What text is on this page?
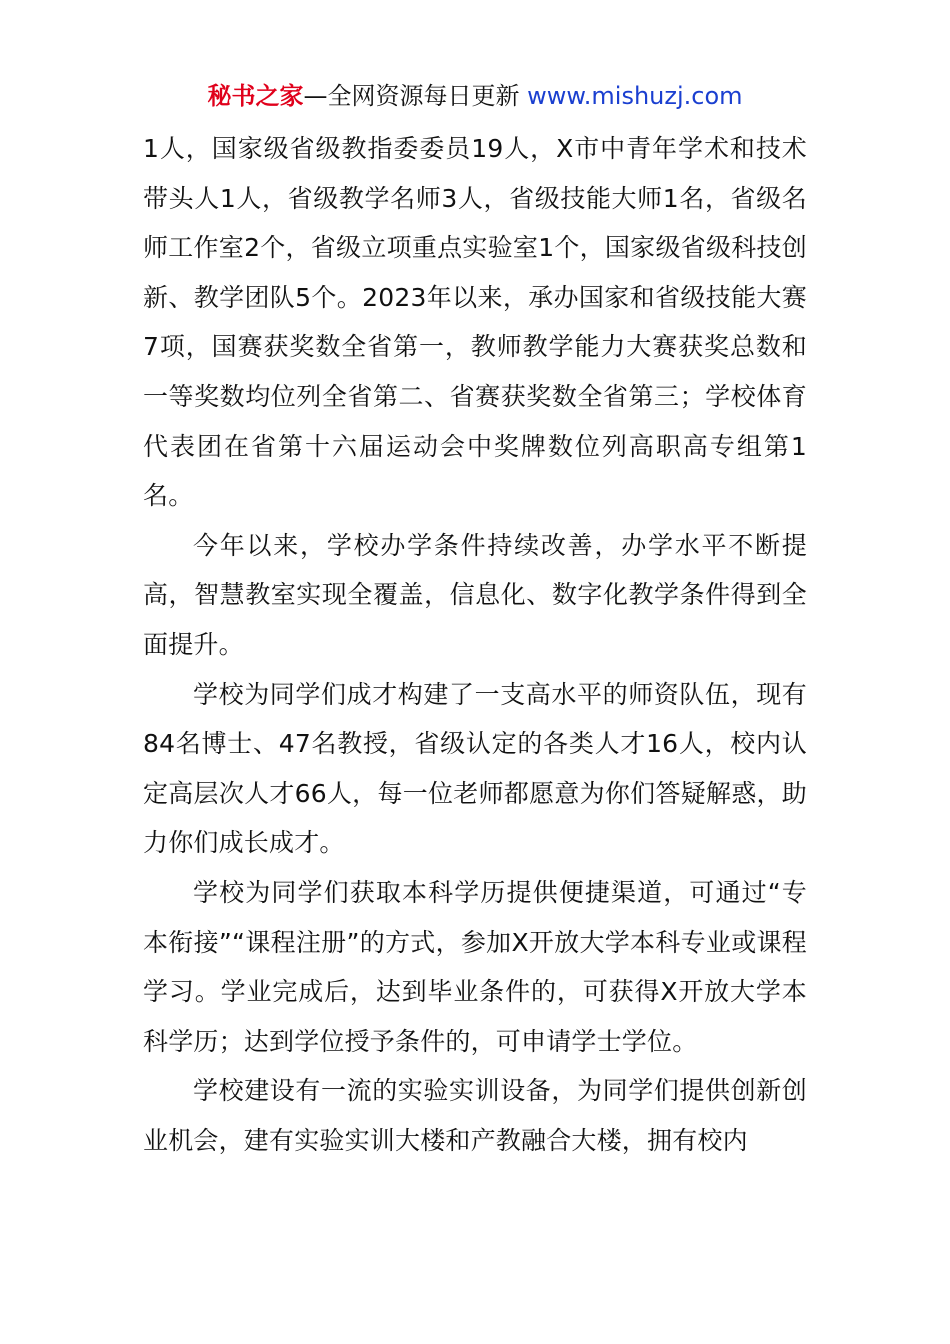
秘书之家—全网资源每日更新 www.mishuzj.com

1人，国家级省级教指委委员19人，X市中青年学术和技术带头人1人，省级教学名师3人，省级技能大师1名，省级名师工作室2个，省级立项重点实验室1个，国家级省级科技创新、教学团队5个。2023年以来，承办国家和省级技能大赛7项，国赛获奖数全省第一，教师教学能力大赛获奖总数和一等奖数均位列全省第二、省赛获奖数全省第三；学校体育代表团在省第十六届运动会中奖牌数位列高职高专组第1名。

今年以来，学校办学条件持续改善，办学水平不断提高，智慧教室实现全覆盖，信息化、数字化教学条件得到全面提升。

学校为同学们成才构建了一支高水平的师资队伍，现有84名博士、47名教授，省级认定的各类人才16人，校内认定高层次人才66人，每一位老师都愿意为你们答疑解惑，助力你们成长成才。

学校为同学们获取本科学历提供便捷渠道，可通过“专本衔接”“课程注册”的方式，参加X开放大学本科专业或课程学习。学业完成后，达到毕业条件的，可获得X开放大学本科学历；达到学位授予条件的，可申请学士学位。

学校建设有一流的实验实训设备，为同学们提供创新创业机会，建有实验实训大楼和产教融合大楼，拥有校内
